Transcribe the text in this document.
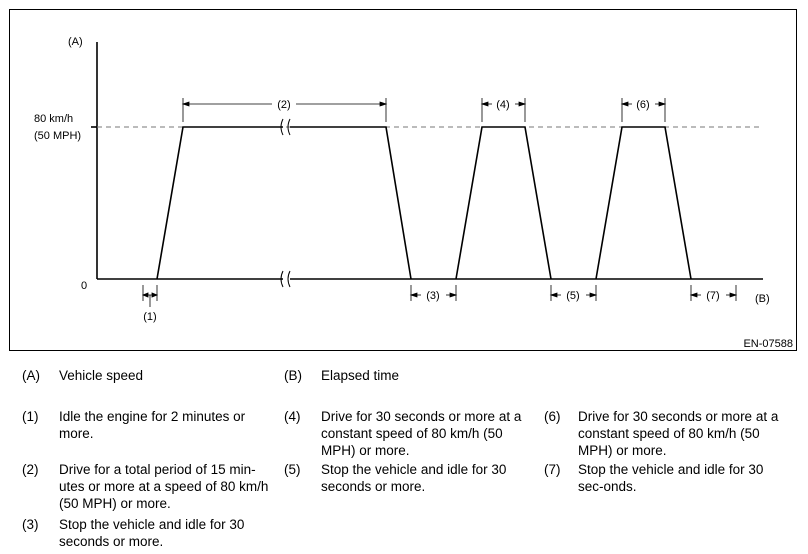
(A)
(B)
80 km/h
(50 MPH)
0
(1)
(2)
(3)
(4)
(5)
(6)
(7)
EN-07588
(A) Vehicle speed	(B) Elapsed time
(1) Idle the engine for 2 minutes or more.
(2) Drive for a total period of 15 min-utes or more at a speed of 80 km/h (50 MPH) or more.
(3) Stop the vehicle and idle for 30 seconds or more.
(4) Drive for 30 seconds or more at a constant speed of 80 km/h (50 MPH) or more.
(5) Stop the vehicle and idle for 30 seconds or more.
(6) Drive for 30 seconds or more at a constant speed of 80 km/h (50 MPH) or more.
(7) Stop the vehicle and idle for 30 sec-onds.
